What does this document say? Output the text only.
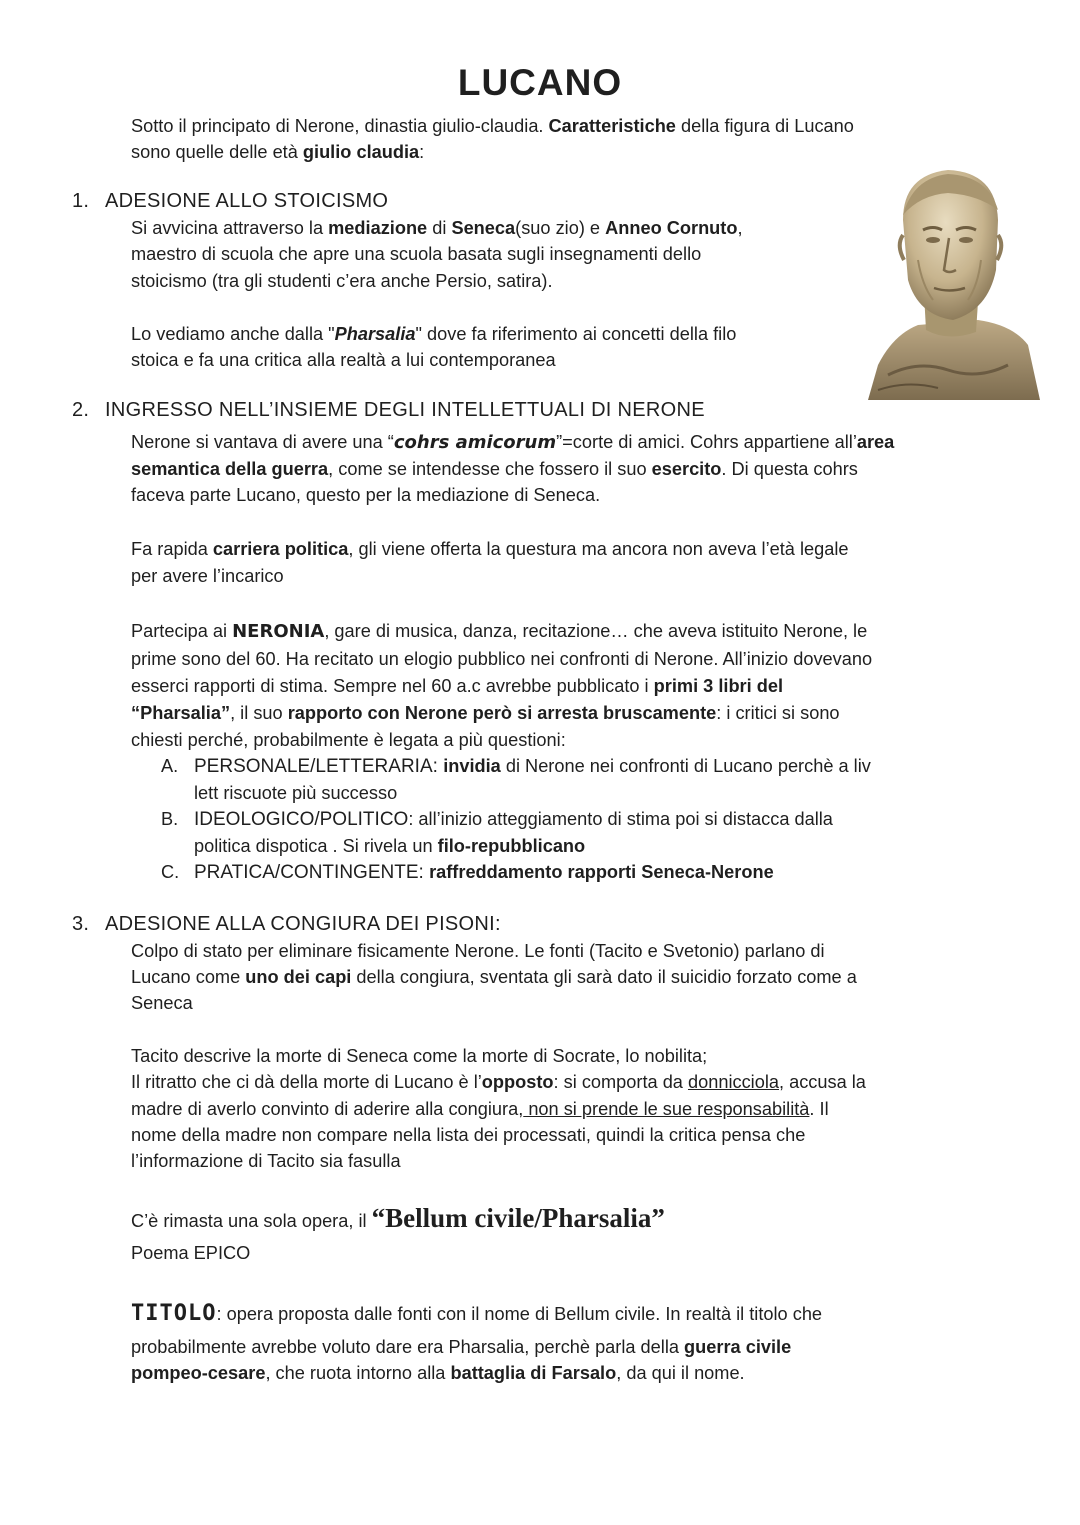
LUCANO
Sotto il principato di Nerone, dinastia giulio-claudia. Caratteristiche della figura di Lucano
sono quelle delle età giulio claudia:
1. ADESIONE ALLO STOICISMO
Si avvicina attraverso la mediazione di Seneca(suo zio) e Anneo Cornuto,
maestro di scuola che apre una scuola basata sugli insegnamenti dello
stoicismo (tra gli studenti c’era anche Persio, satira).
Lo vediamo anche dalla "Pharsalia" dove fa riferimento ai concetti della filo
stoica e fa una critica alla realtà a lui contemporanea
2. INGRESSO NELL’INSIEME DEGLI INTELLETTUALI DI NERONE
Nerone si vantava di avere una “cohrs amicorum”=corte di amici. Cohrs appartiene all’area
semantica della guerra, come se intendesse che fossero il suo esercito. Di questa cohrs
faceva parte Lucano, questo per la mediazione di Seneca.
Fa rapida carriera politica, gli viene offerta la questura ma ancora non aveva l’età legale
per avere l’incarico
Partecipa ai NERONIA, gare di musica, danza, recitazione… che aveva istituito Nerone, le
prime sono del 60. Ha recitato un elogio pubblico nei confronti di Nerone. All’inizio dovevano
esserci rapporti di stima. Sempre nel 60 a.c avrebbe pubblicato i primi 3 libri del
“Pharsalia”, il suo rapporto con Nerone però si arresta bruscamente: i critici si sono
chiesti perché, probabilmente è legata a più questioni:
A. PERSONALE/LETTERARIA: invidia di Nerone nei confronti di Lucano perchè a liv
lett riscuote più successo
B. IDEOLOGICO/POLITICO: all’inizio atteggiamento di stima poi si distacca dalla
politica dispotica . Si rivela un filo-repubblicano
C. PRATICA/CONTINGENTE: raffreddamento rapporti Seneca-Nerone
3. ADESIONE ALLA CONGIURA DEI PISONI:
Colpo di stato per eliminare fisicamente Nerone. Le fonti (Tacito e Svetonio) parlano di
Lucano come uno dei capi della congiura, sventata gli sarà dato il suicidio forzato come a
Seneca
Tacito descrive la morte di Seneca come la morte di Socrate, lo nobilita;
Il ritratto che ci dà della morte di Lucano è l’opposto: si comporta da donnicciola, accusa la
madre di averlo convinto di aderire alla congiura, non si prende le sue responsabilità. Il
nome della madre non compare nella lista dei processati, quindi la critica pensa che
l’informazione di Tacito sia fasulla
C’è rimasta una sola opera, il “Bellum civile/Pharsalia”
Poema EPICO
TITOLO: opera proposta dalle fonti con il nome di Bellum civile. In realtà il titolo che
probabilmente avrebbe voluto dare era Pharsalia, perchè parla della guerra civile
pompeo-cesare, che ruota intorno alla battaglia di Farsalo, da qui il nome.
